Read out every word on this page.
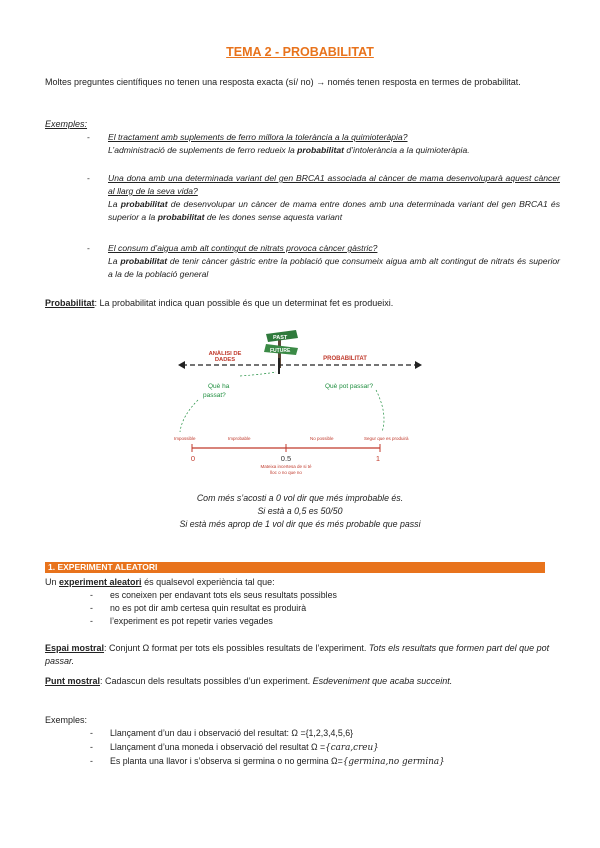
TEMA 2 - PROBABILITAT
Moltes preguntes científiques no tenen una resposta exacta (sí/ no) → només tenen resposta en termes de probabilitat.
Exemples:
- El tractament amb suplements de ferro millora la tolerància a la quimioteràpia?
L’administració de suplements de ferro redueix la probabilitat d’intolerància a la quimioteràpia.
- Una dona amb una determinada variant del gen BRCA1 associada al càncer de mama desenvoluparà aquest càncer al llarg de la seva vida?
La probabilitat de desenvolupar un càncer de mama entre dones amb una determinada variant del gen BRCA1 és superior a la probabilitat de les dones sense aquesta variant
- El consum d’aigua amb alt contingut de nitrats provoca càncer gàstric?
La probabilitat de tenir càncer gàstric entre la població que consumeix aigua amb alt contingut de nitrats és superior a la de la població general
Probabilitat: La probabilitat indica quan possible és que un determinat fet es produeixi.
PAST
FUTURE
ANÀLISI DE
DADES	PROBABILITAT
Què ha
passat?
Què pot passar?
Impossible	Improbable	No possible	Segur que es produirà
0	0.5	1
Mateixa incertesa de si té
lloc o no que no
Com més s’acosti a 0 vol dir que més improbable és.
Si està a 0,5 es 50/50
Si està més aprop de 1 vol dir que és més probable que passi
1. EXPERIMENT ALEATORI
Un experiment aleatori és qualsevol experiència tal que:
- es coneixen per endavant tots els seus resultats possibles
- no es pot dir amb certesa quin resultat es produirà
- l’experiment es pot repetir varies vegades
Espai mostral: Conjunt Ω format per tots els possibles resultats de l’experiment. Tots els resultats que formen part del que pot passar.
Punt mostral: Cadascun dels resultats possibles d’un experiment. Esdeveniment que acaba succeint.
Exemples:
- Llançament d’un dau i observació del resultat: Ω ={1,2,3,4,5,6}
- Llançament d’una moneda i observació del resultat Ω ={cara,creu}
- Es planta una llavor i s’observa si germina o no germina Ω={germina,no germina}
